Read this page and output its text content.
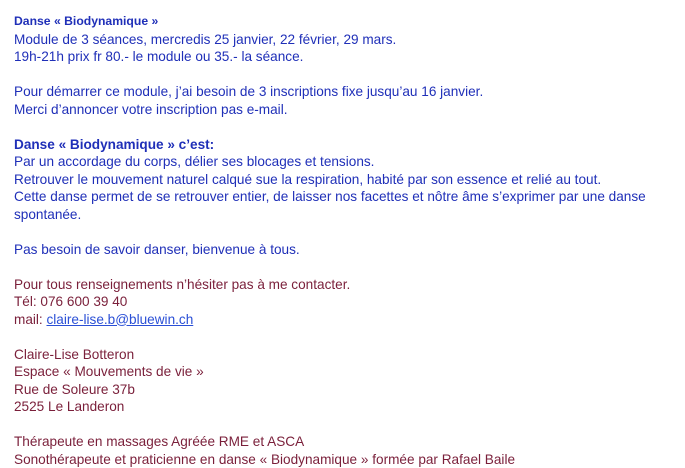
Danse « Biodynamique »
Module de 3 séances, mercredis 25 janvier, 22 février, 29 mars.
19h-21h prix fr 80.- le module ou 35.- la séance.
Pour démarrer ce module, j’ai besoin de 3 inscriptions fixe jusqu’au 16 janvier.
Merci d’annoncer votre inscription pas e-mail.
Danse « Biodynamique » c’est:
Par un accordage du corps, délier ses blocages et tensions.
Retrouver le mouvement naturel calqué sue la respiration, habité par son essence et relié au tout.
Cette danse permet de se retrouver entier, de laisser nos facettes et nôtre âme s’exprimer par une danse spontanée.
Pas besoin de savoir danser, bienvenue à tous.
Pour tous renseignements n’hésiter pas à me contacter.
Tél: 076 600 39 40
mail: claire-lise.b@bluewin.ch
Claire-Lise Botteron
Espace « Mouvements de vie »
Rue de Soleure 37b
2525 Le Landeron
Thérapeute en massages Agréée RME et ASCA
Sonothérapeute et praticienne en danse « Biodynamique » formée par Rafael Baile
